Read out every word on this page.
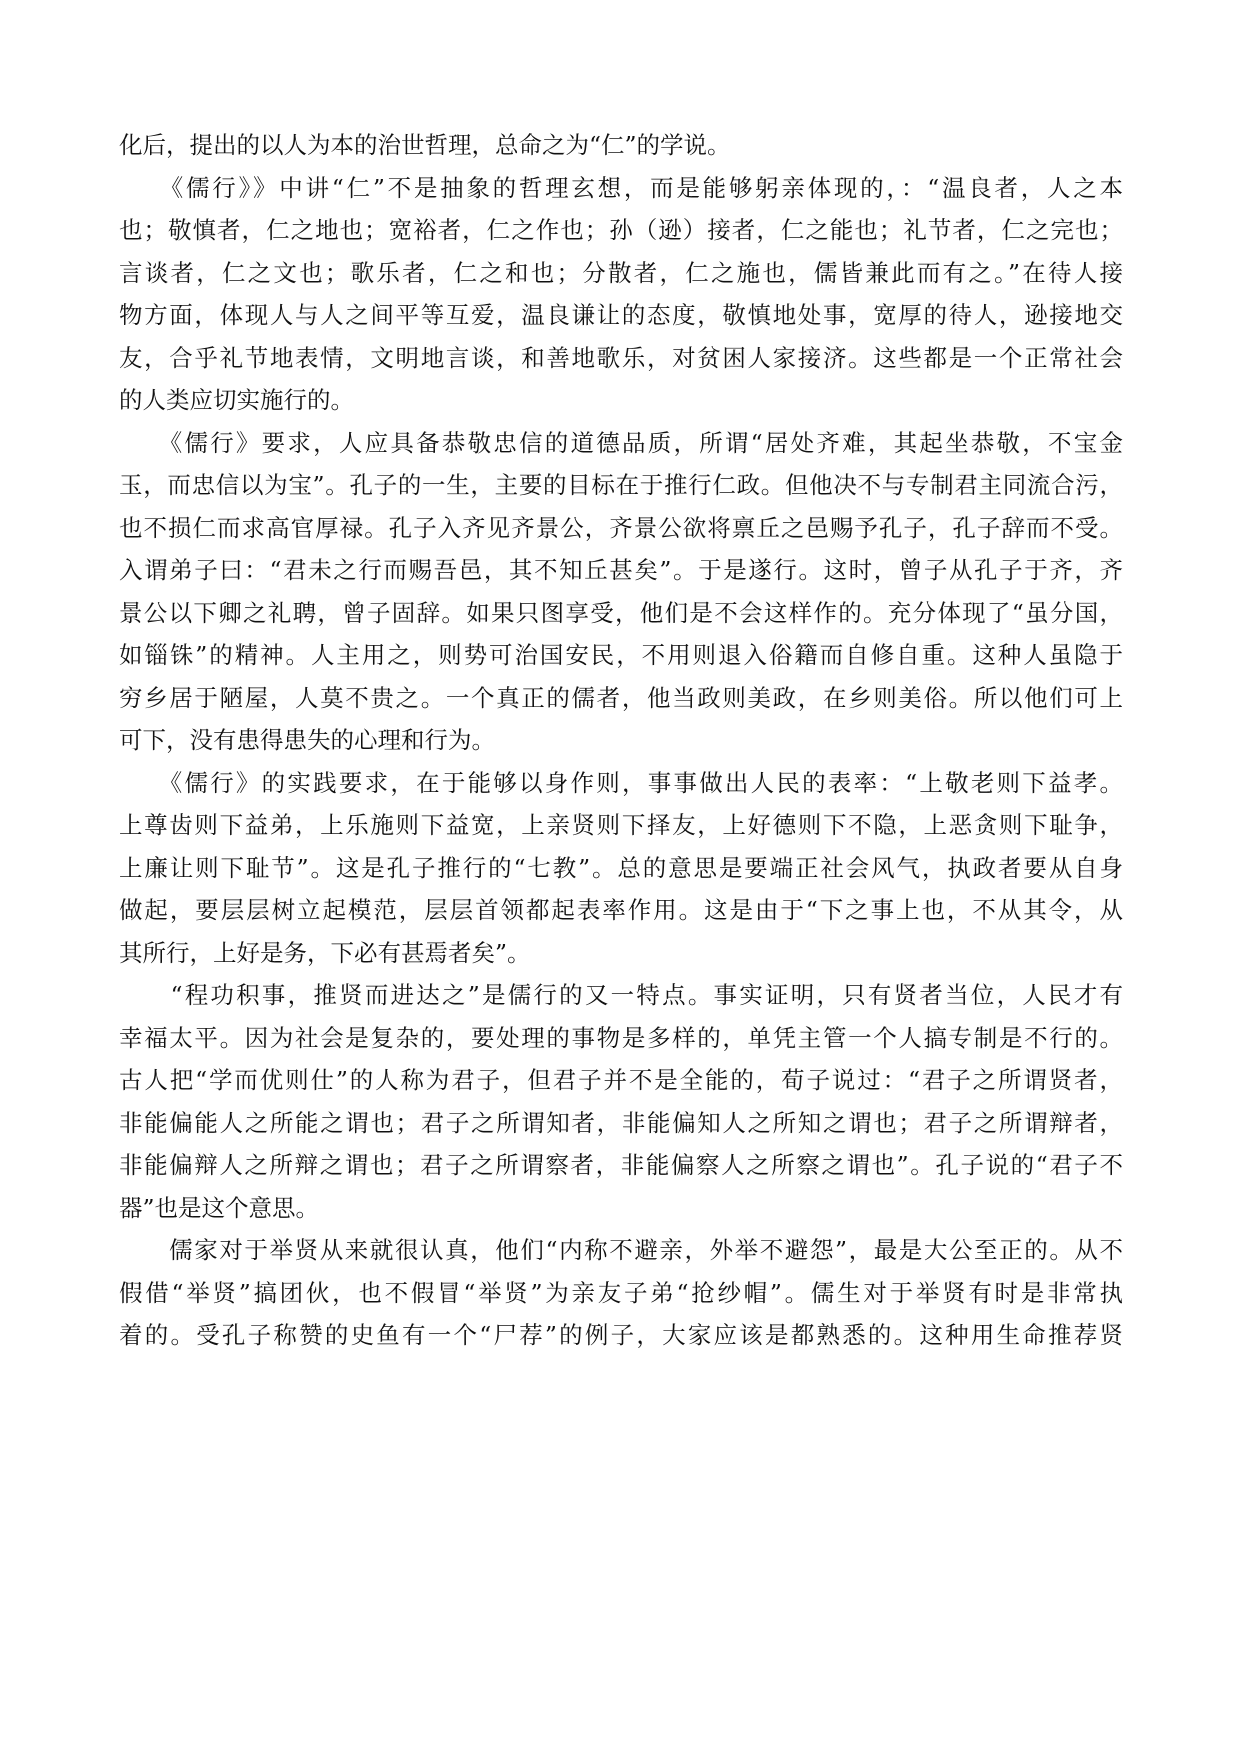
化后，提出的以人为本的治世哲理，总命之为“仁”的学说。
　　《儒行》》中讲“仁”不是抽象的哲理玄想，而是能够躬亲体现的，：“温良者，人之本
也；敬慎者，仁之地也；宽裕者，仁之作也；孙（逊）接者，仁之能也；礼节者，仁之完也；
言谈者，仁之文也；歌乐者，仁之和也；分散者，仁之施也，儒皆兼此而有之。”在待人接
物方面，体现人与人之间平等互爱，温良谦让的态度，敬慎地处事，宽厚的待人，逊接地交
友，合乎礼节地表情，文明地言谈，和善地歌乐，对贫困人家接济。这些都是一个正常社会
的人类应切实施行的。
　　《儒行》要求，人应具备恭敬忠信的道德品质，所谓“居处齐难，其起坐恭敬，不宝金
玉，而忠信以为宝”。孔子的一生，主要的目标在于推行仁政。但他决不与专制君主同流合污，
也不损仁而求高官厚禄。孔子入齐见齐景公，齐景公欲将禀丘之邑赐予孔子，孔子辞而不受。
入谓弟子曰：“君未之行而赐吾邑，其不知丘甚矣”。于是遂行。这时，曾子从孔子于齐，齐
景公以下卿之礼聘，曾子固辞。如果只图享受，他们是不会这样作的。充分体现了“虽分国，
如锱铢”的精神。人主用之，则势可治国安民，不用则退入俗籍而自修自重。这种人虽隐于
穷乡居于陋屋，人莫不贵之。一个真正的儒者，他当政则美政，在乡则美俗。所以他们可上
可下，没有患得患失的心理和行为。
　　《儒行》的实践要求，在于能够以身作则，事事做出人民的表率：“上敬老则下益孝。
上尊齿则下益弟，上乐施则下益宽，上亲贤则下择友，上好德则下不隐，上恶贪则下耻争，
上廉让则下耻节”。这是孔子推行的“七教”。总的意思是要端正社会风气，执政者要从自身
做起，要层层树立起模范，层层首领都起表率作用。这是由于“下之事上也，不从其令，从
其所行，上好是务，下必有甚焉者矣”。
　　“程功积事，推贤而进达之”是儒行的又一特点。事实证明，只有贤者当位，人民才有
幸福太平。因为社会是复杂的，要处理的事物是多样的，单凭主管一个人搞专制是不行的。
古人把“学而优则仕”的人称为君子，但君子并不是全能的，荀子说过：“君子之所谓贤者，
非能偏能人之所能之谓也；君子之所谓知者，非能偏知人之所知之谓也；君子之所谓辩者，
非能偏辩人之所辩之谓也；君子之所谓察者，非能偏察人之所察之谓也”。孔子说的“君子不
器”也是这个意思。
　　儒家对于举贤从来就很认真，他们“内称不避亲，外举不避怨”，最是大公至正的。从不
假借“举贤”搞团伙，也不假冒“举贤”为亲友子弟“抢纱帽”。儒生对于举贤有时是非常执
着的。受孔子称赞的史鱼有一个“尸荐”的例子，大家应该是都熟悉的。这种用生命推荐贤
